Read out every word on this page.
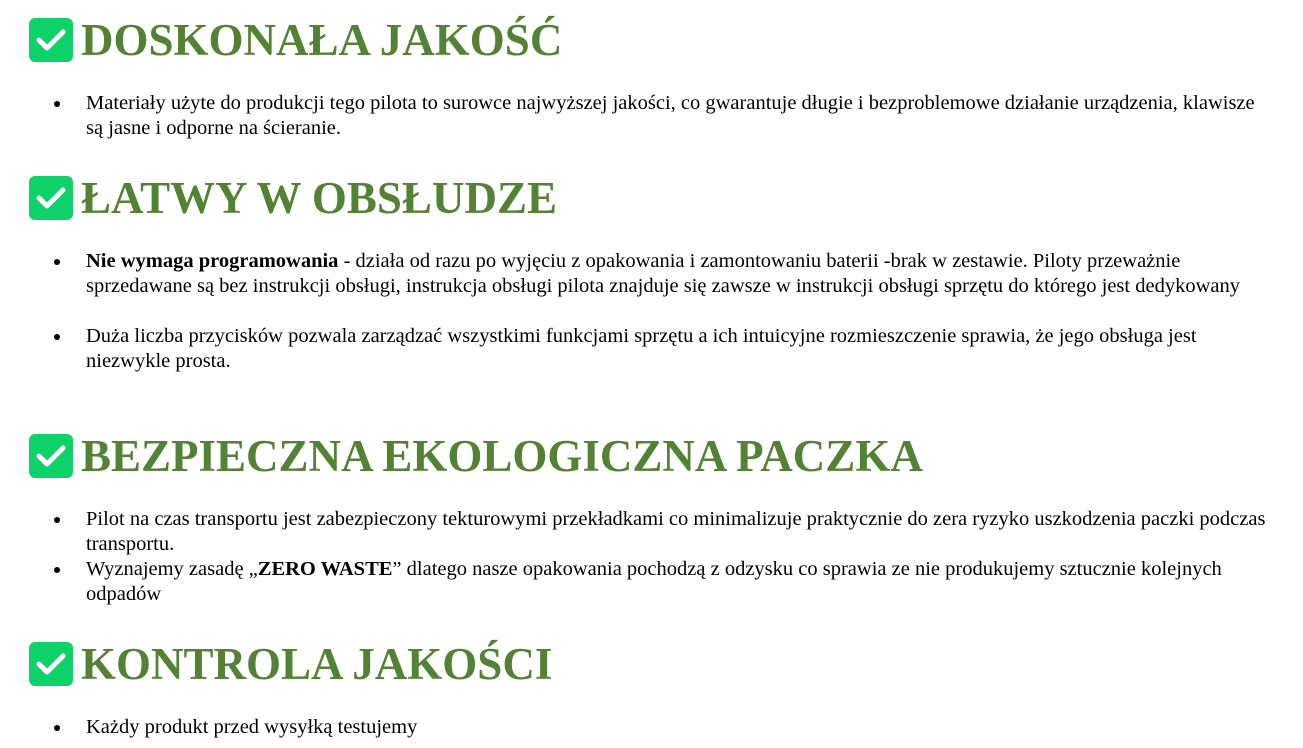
DOSKONAŁA JAKOŚĆ
Materiały użyte do produkcji tego pilota to surowce najwyższej jakości, co gwarantuje długie i bezproblemowe działanie urządzenia, klawisze są jasne i odporne na ścieranie.
ŁATWY W OBSŁUDZE
Nie wymaga programowania - działa od razu po wyjęciu z opakowania i zamontowaniu baterii -brak w zestawie. Piloty przeważnie sprzedawane są bez instrukcji obsługi, instrukcja obsługi pilota znajduje się zawsze w instrukcji obsługi sprzętu do którego jest dedykowany
Duża liczba przycisków pozwala zarządzać wszystkimi funkcjami sprzętu a ich intuicyjne rozmieszczenie sprawia, że jego obsługa jest niezwykle prosta.
BEZPIECZNA EKOLOGICZNA PACZKA
Pilot na czas transportu jest zabezpieczony tekturowymi przekładkami co minimalizuje praktycznie do zera ryzyko uszkodzenia paczki podczas transportu.
Wyznajemy zasadę „ZERO WASTE” dlatego nasze opakowania pochodzą z odzysku co sprawia ze nie produkujemy sztucznie kolejnych odpadów
KONTROLA JAKOŚCI
Każdy produkt przed wysyłką testujemy
